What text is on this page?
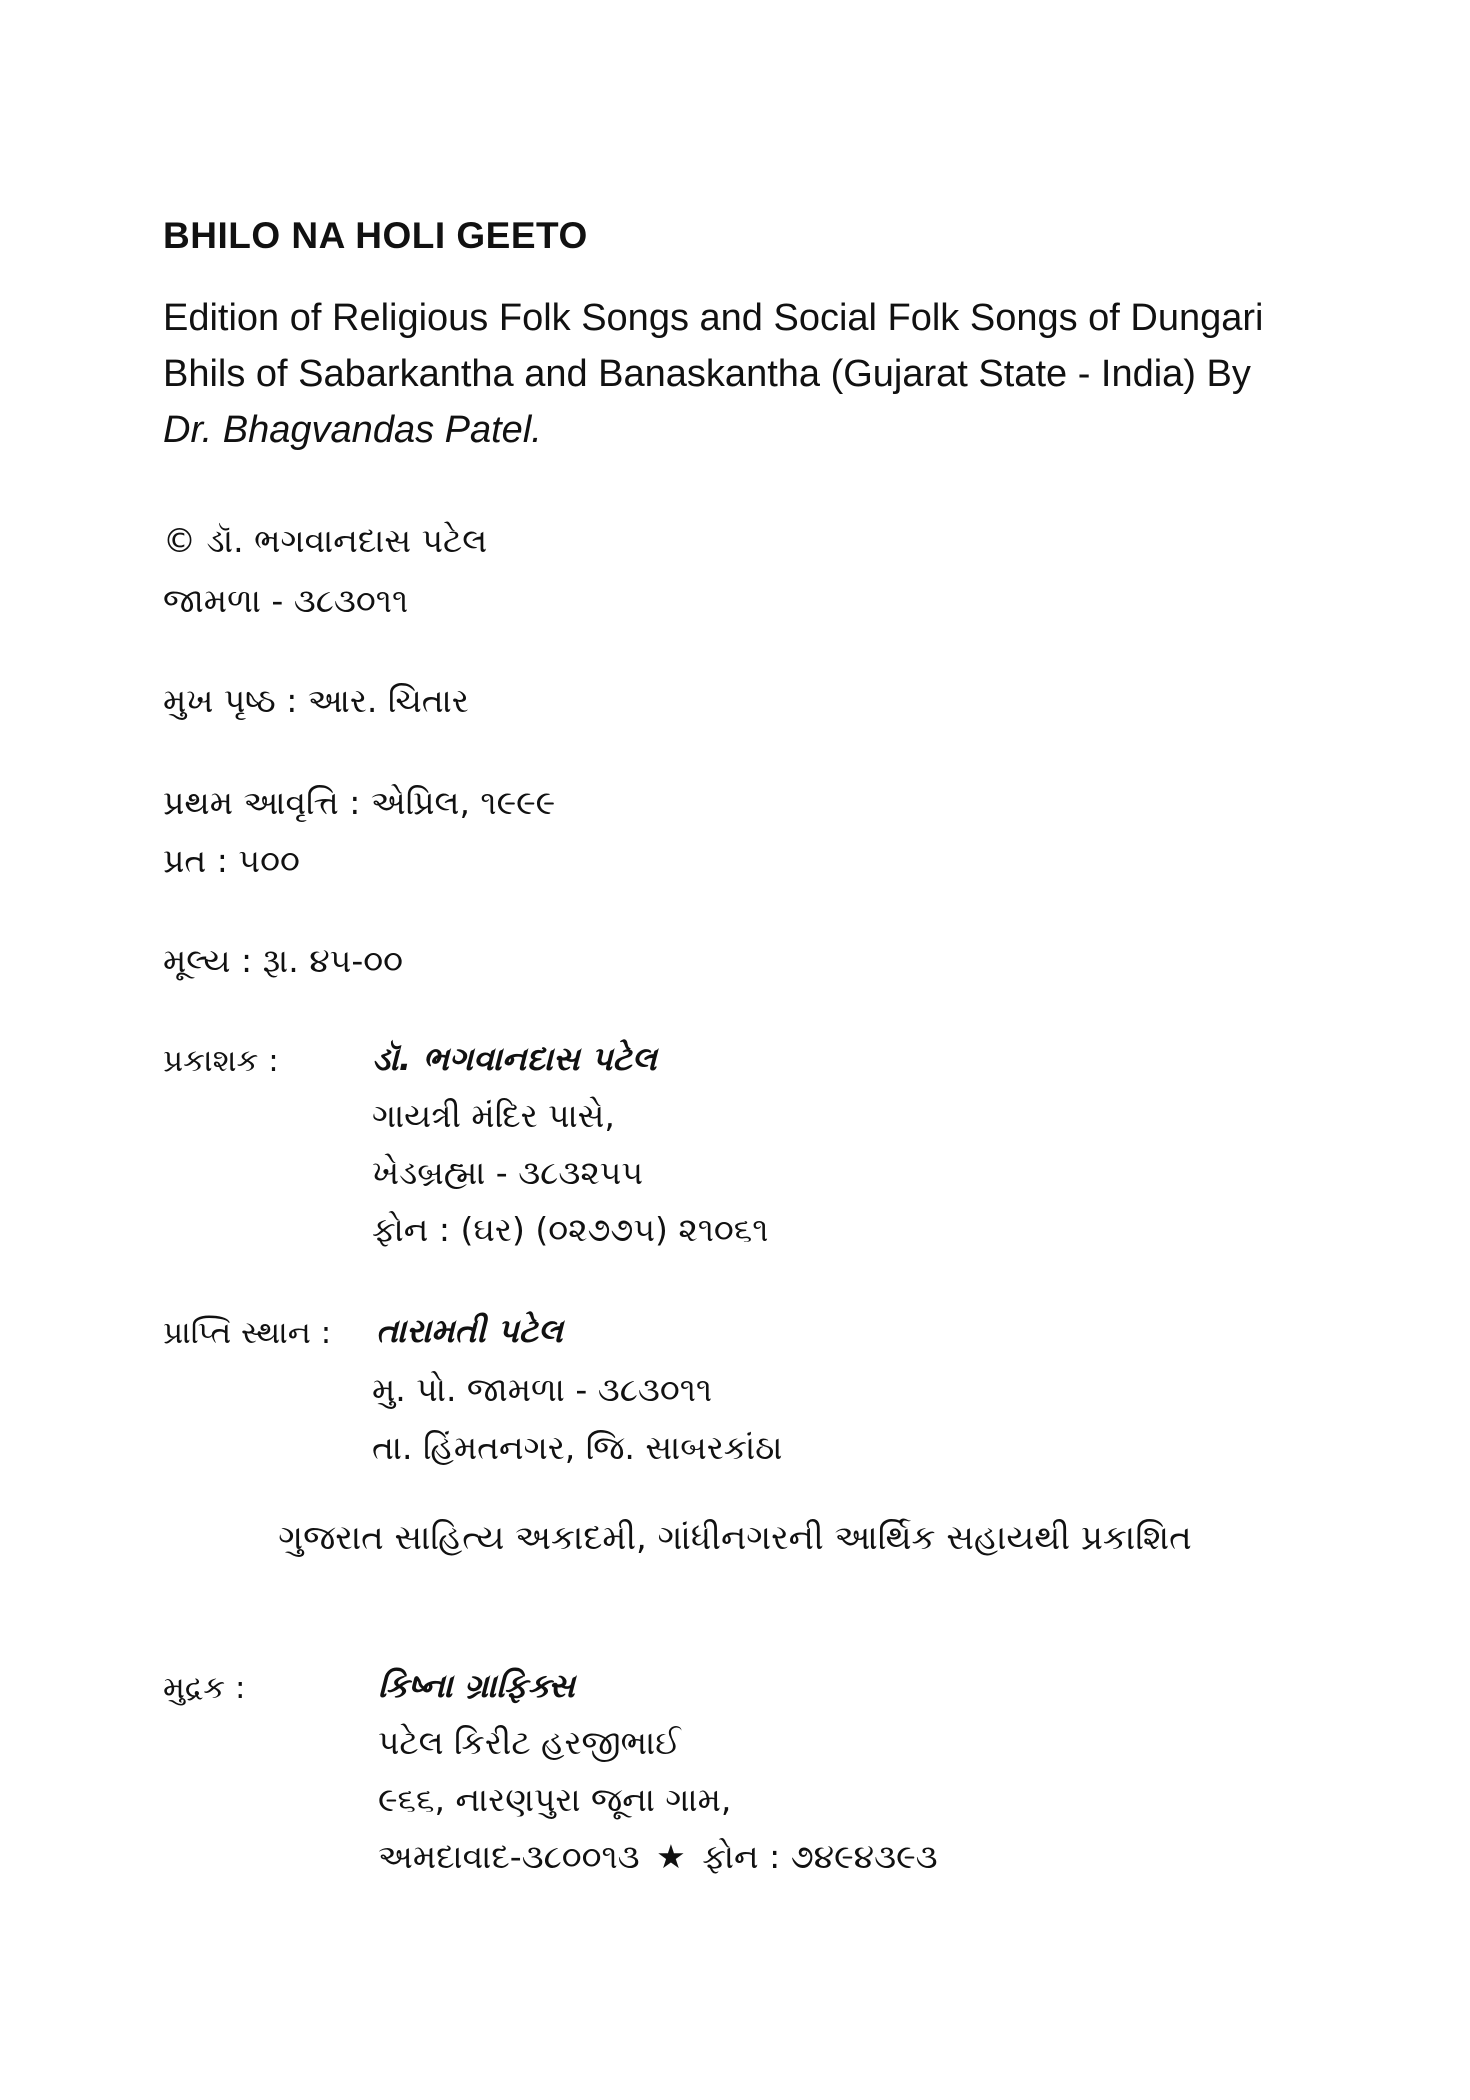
BHILO NA HOLI GEETO
Edition of Religious Folk Songs and Social Folk Songs of Dungari Bhils of Sabarkantha and Banaskantha (Gujarat State - India) By
Dr. Bhagvandas Patel.
© ડૉ. ભગવાનદાસ પટેલ
જામળા - ૩૮૩૦૧૧
મુખ પૃષ્ઠ : આર. ચિતાર
પ્રથમ આવૃત્તિ : એપ્રિલ, ૧૯૯૯
પ્રત : ૫૦૦
મૂલ્ય : રૂા. ૪૫-૦૦
પ્રકાશક :	ડૉ. ભગવાનદાસ પટેલ
ગાયત્રી મંદિર પાસે,
ખેડબ્રહ્મા - ૩૮૩૨૫૫
ફોન : (ઘર) (૦૨૭૭૫) ૨૧૦૬૧
પ્રાપ્તિ સ્થાન : તારામતી પટેલ
મુ. પો. જામળા - ૩૮૩૦૧૧
તા. હિંમતનગર, જિ. સાબરકાંઠા
ગુજરાત સાહિત્ય અકાદમી, ગાંધીનગરની આર્થિક સહાયથી પ્રકાશિત
મુદ્રક :	કિષ્ના ગ્રાફિક્સ
પટેલ કિરીટ હરજીભાઈ
૯૬૬, નારણપુરા જૂના ગામ,
અમદાવાદ-૩૮૦૦૧૩ ★ ફોન : ૭૪૯૪૩૯૩
